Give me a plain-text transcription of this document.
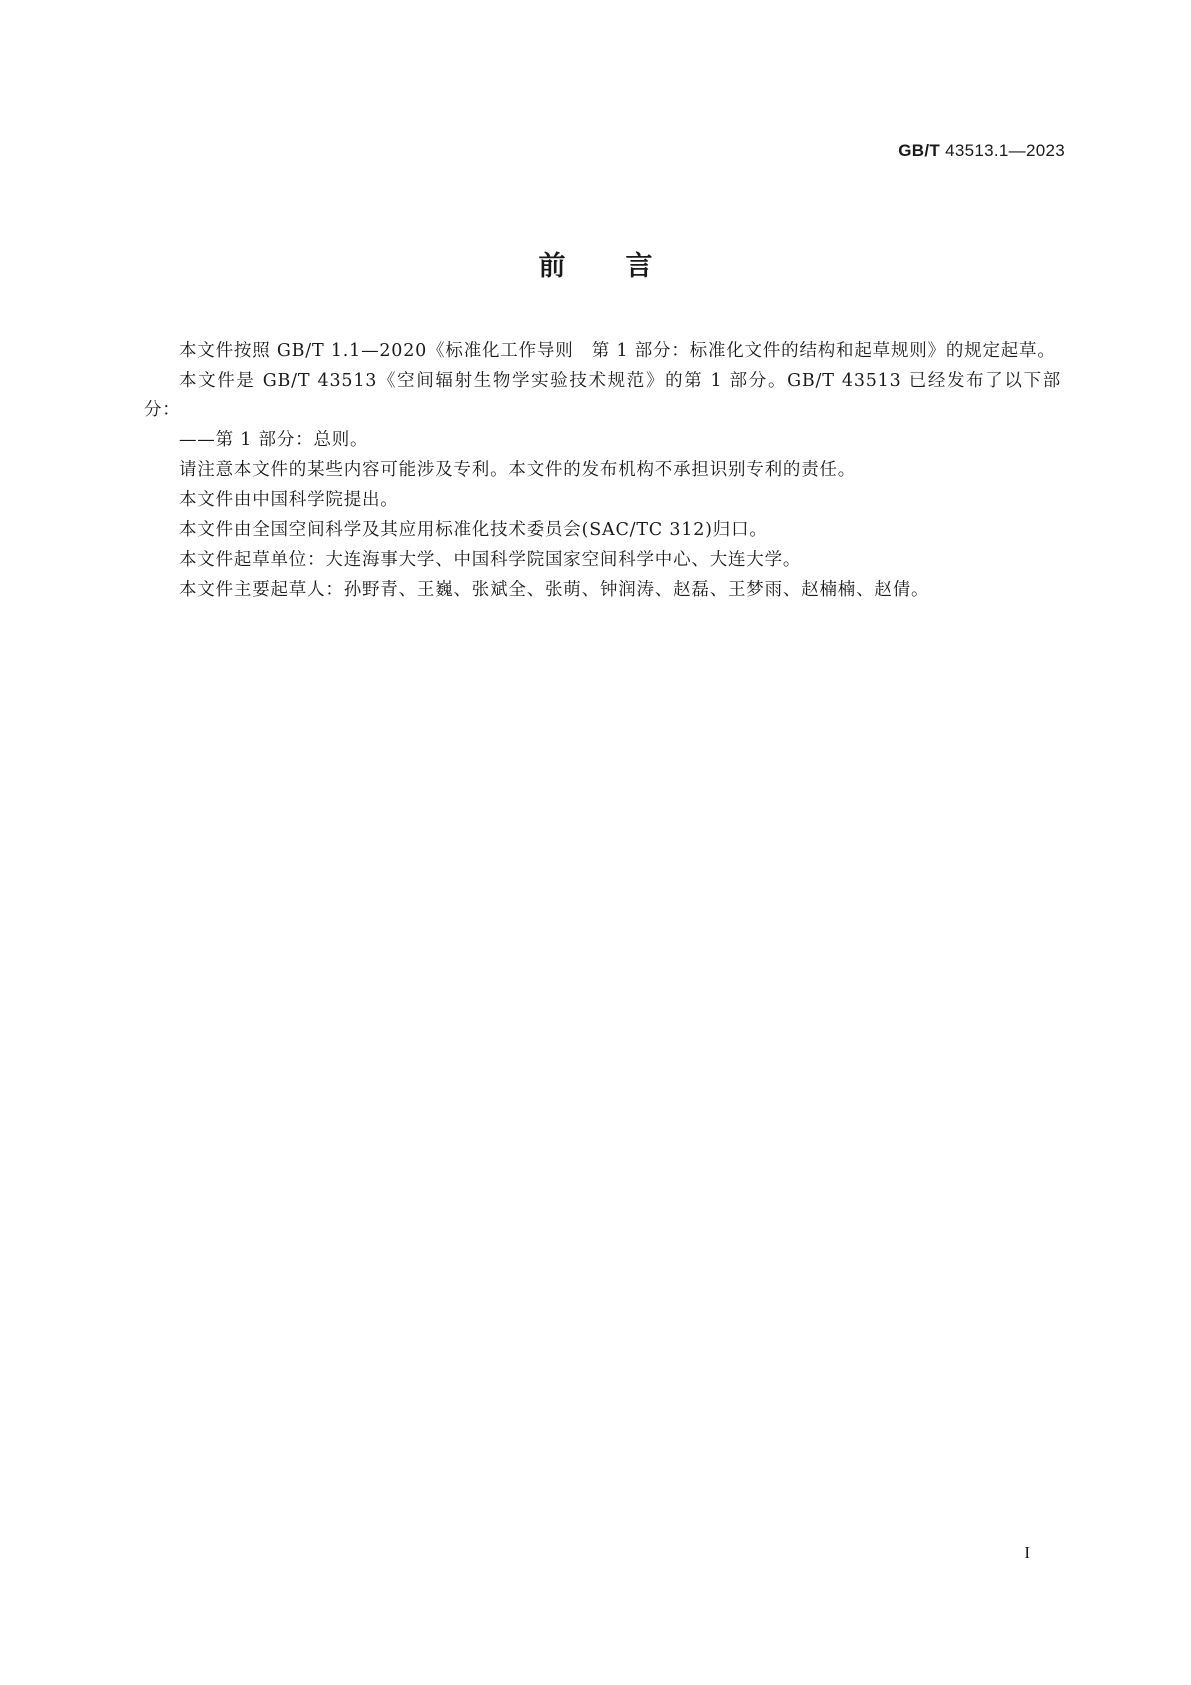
GB/T 43513.1—2023
前言

本文件按照 GB/T 1.1—2020《标准化工作导则　第 1 部分：标准化文件的结构和起草规则》的规定起草。

本文件是 GB/T 43513《空间辐射生物学实验技术规范》的第 1 部分。GB/T 43513 已经发布了以下部分：

——第 1 部分：总则。

请注意本文件的某些内容可能涉及专利。本文件的发布机构不承担识别专利的责任。

本文件由中国科学院提出。

本文件由全国空间科学及其应用标准化技术委员会(SAC/TC 312)归口。

本文件起草单位：大连海事大学、中国科学院国家空间科学中心、大连大学。

本文件主要起草人：孙野青、王巍、张斌全、张萌、钟润涛、赵磊、王梦雨、赵楠楠、赵倩。

I
